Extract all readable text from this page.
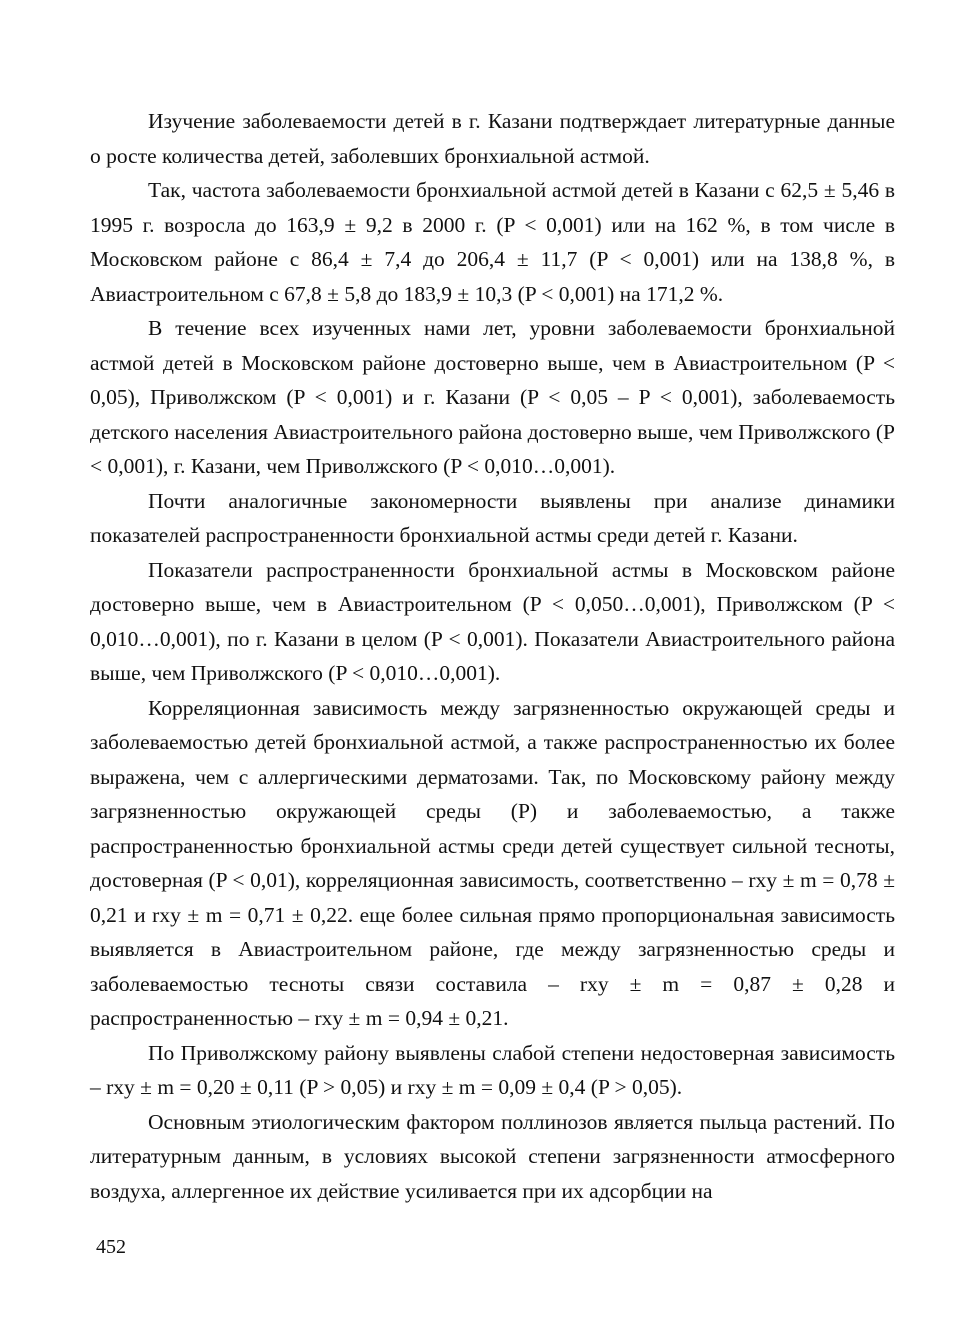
Изучение заболеваемости детей в г. Казани подтверждает литературные данные о росте количества детей, заболевших бронхиальной астмой.

Так, частота заболеваемости бронхиальной астмой детей в Казани с 62,5 ± 5,46 в 1995 г. возросла до 163,9 ± 9,2 в 2000 г. (P < 0,001) или на 162 %, в том числе в Московском районе с 86,4 ± 7,4 до 206,4 ± 11,7 (P < 0,001) или на 138,8 %, в Авиастроительном с 67,8 ± 5,8 до 183,9 ± 10,3 (P < 0,001) на 171,2 %.

В течение всех изученных нами лет, уровни заболеваемости бронхиальной астмой детей в Московском районе достоверно выше, чем в Авиастроительном (P < 0,05), Приволжском (P < 0,001) и г. Казани (P < 0,05 – P < 0,001), заболеваемость детского населения Авиастроительного района достоверно выше, чем Приволжского (P < 0,001), г. Казани, чем Приволжского (P < 0,010…0,001).

Почти аналогичные закономерности выявлены при анализе динамики показателей распространенности бронхиальной астмы среди детей г. Казани.

Показатели распространенности бронхиальной астмы в Московском районе достоверно выше, чем в Авиастроительном (P < 0,050…0,001), Приволжском (P < 0,010…0,001), по г. Казани в целом (P < 0,001). Показатели Авиастроительного района выше, чем Приволжского (P < 0,010…0,001).

Корреляционная зависимость между загрязненностью окружающей среды и заболеваемостью детей бронхиальной астмой, а также распространенностью их более выражена, чем с аллергическими дерматозами. Так, по Московскому району между загрязненностью окружающей среды (P) и заболеваемостью, а также распространенностью бронхиальной астмы среди детей существует сильной тесноты, достоверная (P < 0,01), корреляционная зависимость, соответственно – rxy ± m = 0,78 ± 0,21 и rxy ± m = 0,71 ± 0,22. еще более сильная прямо пропорциональная зависимость выявляется в Авиастроительном районе, где между загрязненностью среды и заболеваемостью тесноты связи составила – rxy ± m = 0,87 ± 0,28 и распространенностью – rxy ± m = 0,94 ± 0,21.

По Приволжскому району выявлены слабой степени недостоверная зависимость – rxy ± m = 0,20 ± 0,11 (P > 0,05) и rxy ± m = 0,09 ± 0,4 (P > 0,05).

Основным этиологическим фактором поллинозов является пыльца растений. По литературным данным, в условиях высокой степени загрязненности атмосферного воздуха, аллергенное их действие усиливается при их адсорбции на

452
